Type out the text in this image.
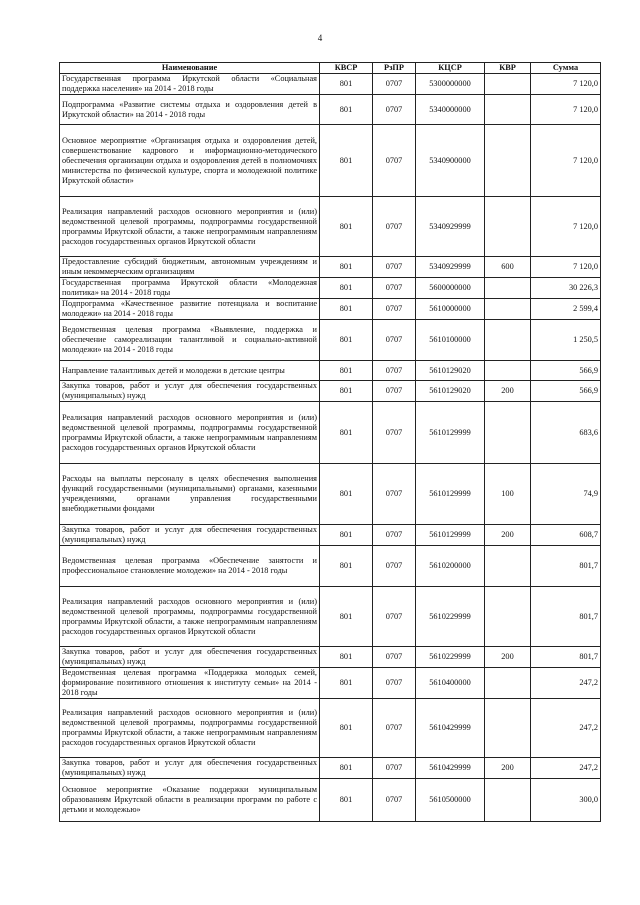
4
Наименование	КВСР	РзПР	КЦСР	КВР	Сумма
Государственная программа Иркутской области «Социальная поддержка населения» на 2014 - 2018 годы	801	0707	5300000000		7 120,0
Подпрограмма «Развитие системы отдыха и оздоровления детей в Иркутской области» на 2014 - 2018 годы	801	0707	5340000000		7 120,0
Основное мероприятие «Организация отдыха и оздоровления детей, совершенствование кадрового и информационно-методического обеспечения организации отдыха и оздоровления детей в полномочиях министерства по физической культуре, спорта и молодежной политике Иркутской области»	801	0707	5340900000		7 120,0
Реализация направлений расходов основного мероприятия и (или) ведомственной целевой программы, подпрограммы государственной программы Иркутской области, а также непрограммным направлениям расходов государственных органов Иркутской области	801	0707	5340929999		7 120,0
Предоставление субсидий бюджетным, автономным учреждениям и иным некоммерческим организациям	801	0707	5340929999	600	7 120,0
Государственная программа Иркутской области «Молодежная политика» на 2014 - 2018 годы	801	0707	5600000000		30 226,3
Подпрограмма «Качественное развитие потенциала и воспитание молодежи» на 2014 - 2018 годы	801	0707	5610000000		2 599,4
Ведомственная целевая программа «Выявление, поддержка и обеспечение самореализации талантливой и социально-активной молодежи» на 2014 - 2018 годы	801	0707	5610100000		1 250,5
Направление талантливых детей и молодежи в детские центры	801	0707	5610129020		566,9
Закупка товаров, работ и услуг для обеспечения государственных (муниципальных) нужд	801	0707	5610129020	200	566,9
Реализация направлений расходов основного мероприятия и (или) ведомственной целевой программы, подпрограммы государственной программы Иркутской области, а также непрограммным направлениям расходов государственных органов Иркутской области	801	0707	5610129999		683,6
Расходы на выплаты персоналу в целях обеспечения выполнения функций государственными (муниципальными) органами, казенными учреждениями, органами управления государственными внебюджетными фондами	801	0707	5610129999	100	74,9
Закупка товаров, работ и услуг для обеспечения государственных (муниципальных) нужд	801	0707	5610129999	200	608,7
Ведомственная целевая программа «Обеспечение занятости и профессиональное становление молодежи» на 2014 - 2018 годы	801	0707	5610200000		801,7
Реализация направлений расходов основного мероприятия и (или) ведомственной целевой программы, подпрограммы государственной программы Иркутской области, а также непрограммным направлениям расходов государственных органов Иркутской области	801	0707	5610229999		801,7
Закупка товаров, работ и услуг для обеспечения государственных (муниципальных) нужд	801	0707	5610229999	200	801,7
Ведомственная целевая программа «Поддержка молодых семей, формирование позитивного отношения к институту семьи» на 2014 - 2018 годы	801	0707	5610400000		247,2
Реализация направлений расходов основного мероприятия и (или) ведомственной целевой программы, подпрограммы государственной программы Иркутской области, а также непрограммным направлениям расходов государственных органов Иркутской области	801	0707	5610429999		247,2
Закупка товаров, работ и услуг для обеспечения государственных (муниципальных) нужд	801	0707	5610429999	200	247,2
Основное мероприятие «Оказание поддержки муниципальным образованиям Иркутской области в реализации программ по работе с детьми и молодежью»	801	0707	5610500000		300,0
